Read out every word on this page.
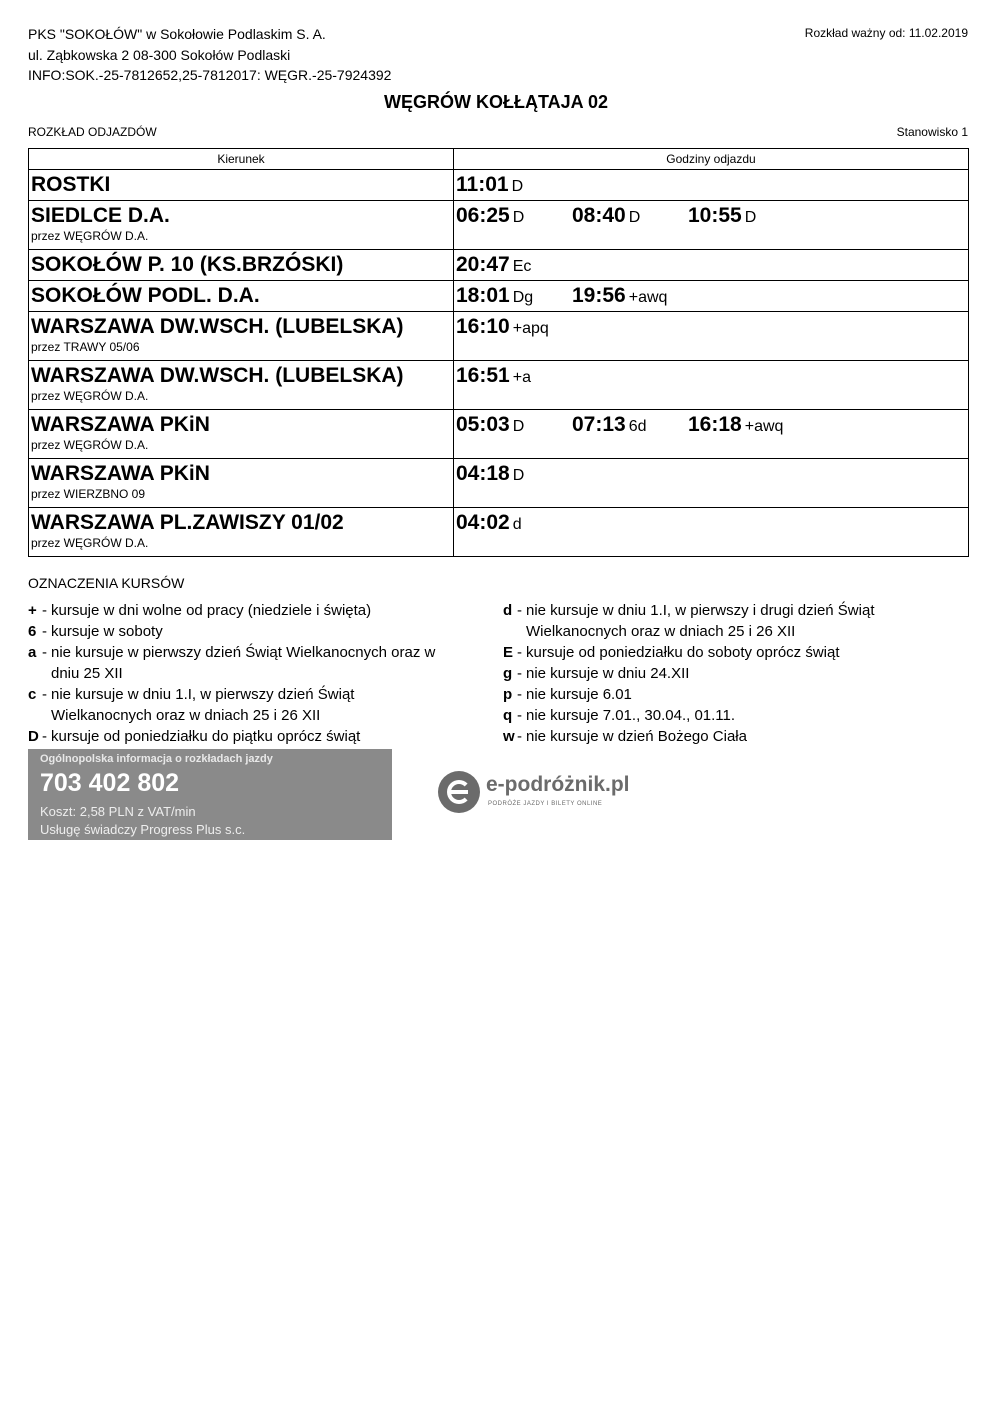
PKS "SOKOŁÓW" w Sokołowie Podlaskim S. A.
ul. Ząbkowska 2 08-300 Sokołów Podlaski
INFO:SOK.-25-7812652,25-7812017: WĘGR.-25-7924392
Rozkład ważny od: 11.02.2019
WĘGRÓW KOŁŁĄTAJA 02
ROZKŁAD ODJAZDÓW	Stanowisko 1
Kierunek	Godziny odjazdu

ROSTKI	11:01 D

SIEDLCE D.A.
przez WĘGRÓW D.A.	06:25 D 08:40 D 10:55 D

SOKOŁÓW P. 10 (KS.BRZÓSKI)	20:47 Ec

SOKOŁÓW PODL. D.A.	18:01 Dg 19:56 +awq

WARSZAWA DW.WSCH. (LUBELSKA)
przez TRAWY 05/06	16:10 +apq

WARSZAWA DW.WSCH. (LUBELSKA)
przez WĘGRÓW D.A.	16:51 +a

WARSZAWA PKiN
przez WĘGRÓW D.A.	05:03 D 07:13 6d 16:18 +awq

WARSZAWA PKiN
przez WIERZBNO 09	04:18 D

WARSZAWA PL.ZAWISZY 01/02
przez WĘGRÓW D.A.	04:02 d
OZNACZENIA KURSÓW
+ - kursuje w dni wolne od pracy (niedziele i święta)
6 - kursuje w soboty
a - nie kursuje w pierwszy dzień Świąt Wielkanocnych oraz w
dniu 25 XII
c - nie kursuje w dniu 1.I, w pierwszy dzień Świąt
Wielkanocnych oraz w dniach 25 i 26 XII
D - kursuje od poniedziałku do piątku oprócz świąt
d - nie kursuje w dniu 1.I, w pierwszy i drugi dzień Świąt
Wielkanocnych oraz w dniach 25 i 26 XII
E - kursuje od poniedziałku do soboty oprócz świąt
g - nie kursuje w dniu 24.XII
p - nie kursuje 6.01
q - nie kursuje 7.01., 30.04., 01.11.
w - nie kursuje w dzień Bożego Ciała
Ogólnopolska informacja o rozkładach jazdy
703 402 802
Koszt: 2,58 PLN z VAT/min
Usługę świadczy Progress Plus s.c.
e-podróżnik.pl
PODRÓŻE JAZDY I BILETY ONLINE
